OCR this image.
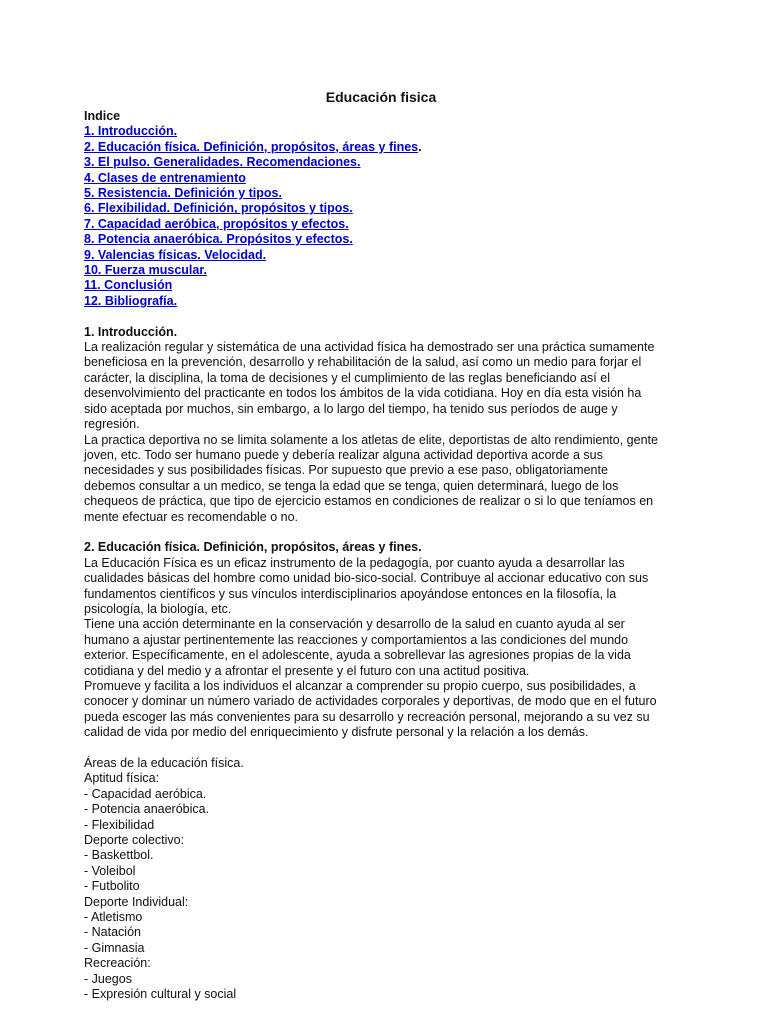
Educación fisica
Indice
1. Introducción.
2. Educación física. Definición, propósitos, áreas y fines.
3. El pulso. Generalidades. Recomendaciones.
4. Clases de entrenamiento
5. Resistencia. Definición y tipos.
6. Flexibilidad. Definición, propósitos y tipos.
7. Capacidad aeróbica, propósitos y efectos.
8. Potencia anaeróbica. Propósitos y efectos.
9. Valencias físicas. Velocidad.
10. Fuerza muscular.
11. Conclusión
12. Bibliografía.
1. Introducción.

La realización regular y sistemática de una actividad física ha demostrado ser una práctica sumamente
beneficiosa en la prevención, desarrollo y rehabilitación de la salud, así como un medio para forjar el
carácter, la disciplina, la toma de decisiones y el cumplimiento de las reglas beneficiando así el
desenvolvimiento del practicante en todos los ámbitos de la vida cotidiana. Hoy en día esta visión ha
sido aceptada por muchos, sin embargo, a lo largo del tiempo, ha tenido sus períodos de auge y
regresión.

La practica deportiva no se limita solamente a los atletas de elite, deportistas de alto rendimiento, gente
joven, etc. Todo ser humano puede y debería realizar alguna actividad deportiva acorde a sus
necesidades y sus posibilidades físicas. Por supuesto que previo a ese paso, obligatoriamente
debemos consultar a un medico, se tenga la edad que se tenga, quien determinará, luego de los
chequeos de práctica, que tipo de ejercicio estamos en condiciones de realizar o si lo que teníamos en
mente efectuar es recomendable o no.

2. Educación física. Definición, propósitos, áreas y fines.

La Educación Física es un eficaz instrumento de la pedagogía, por cuanto ayuda a desarrollar las
cualidades básicas del hombre como unidad bio-sico-social. Contribuye al accionar educativo con sus
fundamentos científicos y sus vínculos interdisciplinarios apoyándose entonces en la filosofía, la
psicología, la biología, etc.

Tiene una acción determinante en la conservación y desarrollo de la salud en cuanto ayuda al ser
humano a ajustar pertinentemente las reacciones y comportamientos a las condiciones del mundo
exterior. Específicamente, en el adolescente, ayuda a sobrellevar las agresiones propias de la vida
cotidiana y del medio y a afrontar el presente y el futuro con una actitud positiva.

Promueve y facilita a los individuos el alcanzar a comprender su propio cuerpo, sus posibilidades, a
conocer y dominar un número variado de actividades corporales y deportivas, de modo que en el futuro
pueda escoger las más convenientes para su desarrollo y recreación personal, mejorando a su vez su
calidad de vida por medio del enriquecimiento y disfrute personal y la relación a los demás.

Áreas de la educación física.
Aptitud física:
- Capacidad aeróbica.
- Potencia anaeróbica.
- Flexibilidad
Deporte colectivo:
- Baskettbol.
- Voleibol
- Futbolito
Deporte Individual:
- Atletismo
- Natación
- Gimnasia
Recreación:
- Juegos
- Expresión cultural y social
